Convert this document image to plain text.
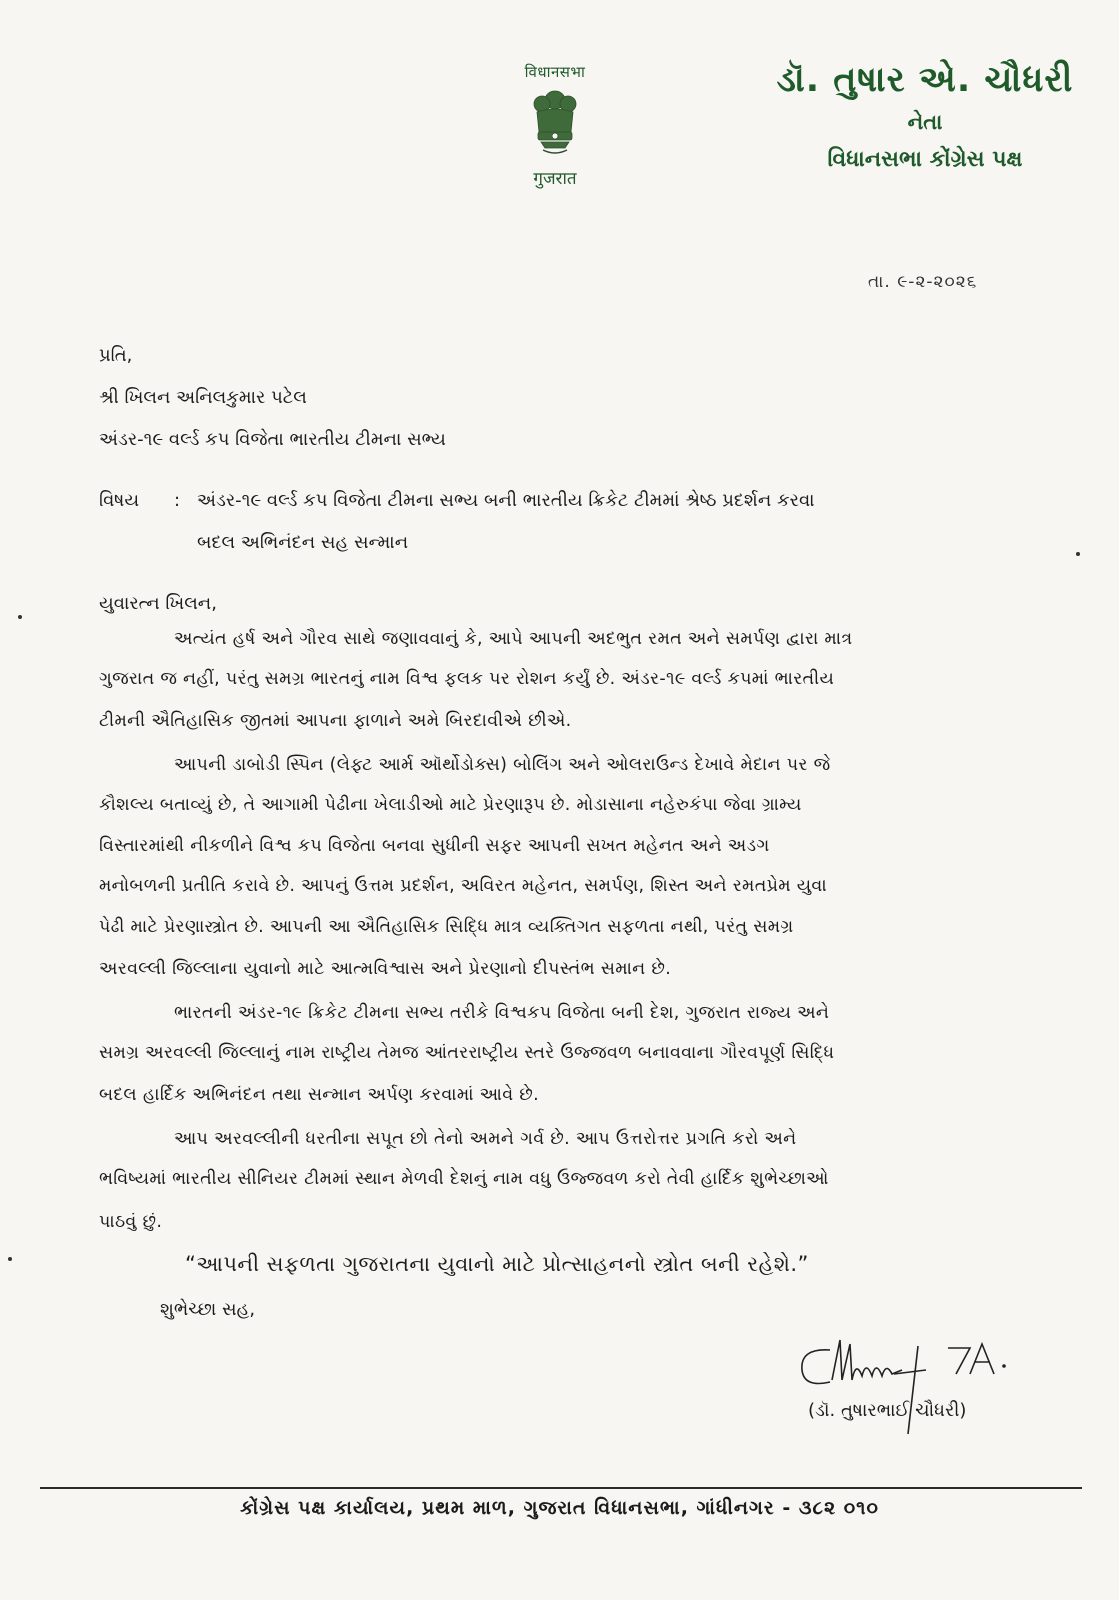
विधानसभा
गुजरात
ડૉ. તુષાર એ. ચૌધરી
નેતા
વિધાનસભા કોંગ્રેસ પક્ષ
તા. ૯-૨-૨૦૨૬
પ્રતિ,
શ્રી ખિલન અનિલકુમાર પટેલ
અંડર-૧૯ વર્લ્ડ કપ વિજેતા ભારતીય ટીમના સભ્ય
વિષય : અંડર-૧૯ વર્લ્ડ કપ વિજેતા ટીમના સભ્ય બની ભારતીય ક્રિકેટ ટીમમાં શ્રેષ્ઠ પ્રદર્શન કરવા
બદલ અભિનંદન સહ સન્માન
યુવારત્ન ખિલન,
અત્યંત હર્ષ અને ગૌરવ સાથે જણાવવાનું કે, આપે આપની અદભુત રમત અને સમર્પણ દ્વારા માત્ર
ગુજરાત જ નહીં, પરંતુ સમગ્ર ભારતનું નામ વિશ્વ ફલક પર રોશન કર્યું છે. અંડર-૧૯ વર્લ્ડ કપમાં ભારતીય
ટીમની ઐતિહાસિક જીતમાં આપના ફાળાને અમે બિરદાવીએ છીએ.
આપની ડાબોડી સ્પિન (લેફ્ટ આર્મ ઑર્થોડોક્સ) બોલિંગ અને ઓલરાઉન્ડ દેખાવે મેદાન પર જે
કૌશલ્ય બતાવ્યું છે, તે આગામી પેઢીના ખેલાડીઓ માટે પ્રેરણારૂપ છે. મોડાસાના નહેરુકંપા જેવા ગ્રામ્ય
વિસ્તારમાંથી નીકળીને વિશ્વ કપ વિજેતા બનવા સુધીની સફર આપની સખત મહેનત અને અડગ
મનોબળની પ્રતીતિ કરાવે છે. આપનું ઉત્તમ પ્રદર્શન, અવિરત મહેનત, સમર્પણ, શિસ્ત અને રમતપ્રેમ યુવા
પેઢી માટે પ્રેરણાસ્ત્રોત છે. આપની આ ઐતિહાસિક સિદ્ધિ માત્ર વ્યક્તિગત સફળતા નથી, પરંતુ સમગ્ર
અરવલ્લી જિલ્લાના યુવાનો માટે આત્મવિશ્વાસ અને પ્રેરણાનો દીપસ્તંભ સમાન છે.
ભારતની અંડર-૧૯ ક્રિકેટ ટીમના સભ્ય તરીકે વિશ્વકપ વિજેતા બની દેશ, ગુજરાત રાજ્ય અને
સમગ્ર અરવલ્લી જિલ્લાનું નામ રાષ્ટ્રીય તેમજ આંતરરાષ્ટ્રીય સ્તરે ઉજ્જવળ બનાવવાના ગૌરવપૂર્ણ સિદ્ધિ
બદલ હાર્દિક અભિનંદન તથા સન્માન અર્પણ કરવામાં આવે છે.
આપ અરવલ્લીની ધરતીના સપૂત છો તેનો અમને ગર્વ છે. આપ ઉત્તરોત્તર પ્રગતિ કરો અને
ભવિષ્યમાં ભારતીય સીનિયર ટીમમાં સ્થાન મેળવી દેશનું નામ વધુ ઉજ્જવળ કરો તેવી હાર્દિક શુભેચ્છાઓ
પાઠવું છું.
“આપની સફળતા ગુજરાતના યુવાનો માટે પ્રોત્સાહનનો સ્ત્રોત બની રહેશે.”
શુભેચ્છા સહ,
(ડૉ. તુષારભાઈ ચૌધરી)
કોંગ્રેસ પક્ષ કાર્યાલય, પ્રથમ માળ, ગુજરાત વિધાનસભા, ગાંધીનગર - ૩૮૨ ૦૧૦
